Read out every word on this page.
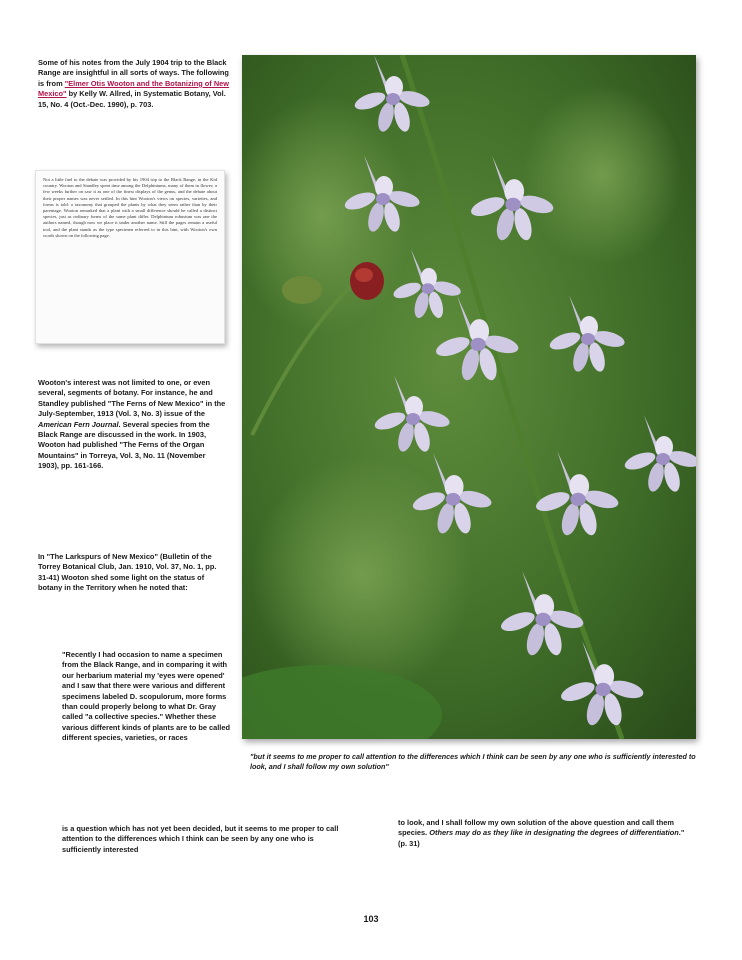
Some of his notes from the July 1904 trip to the Black Range are insightful in all sorts of ways. The following is from "Elmer Otis Wooton and the Botanizing of New Mexico" by Kelly W. Allred, in Systematic Botany, Vol. 15, No. 4 (Oct.-Dec. 1990), p. 703.

Not a little fuel to the debate was provided by his 1904 trip to the Black Range, in the Kid country. Wooton and Standley spent time among the Delphiniums, many of them in flower; a few weeks further on saw it as one of the finest displays of the genus, and the debate about their proper names was never settled. In this hint Wooton's views on species, varieties, and forms is told: a taxonomy that grouped the plants by what they seem rather than by their parentage. Wooton remarked that a plant with a small difference should be called a distinct species, just as ordinary forms of the same plant differ. Delphinium robustum was one the authors named, though now we place it under another name. Still the pages remain a useful tool, and the plant stands as the type specimen referred to in this hint, with Wooton's own words shown on the following page.

Wooton's interest was not limited to one, or even several, segments of botany. For instance, he and Standley published "The Ferns of New Mexico" in the July-September, 1913 (Vol. 3, No. 3) issue of the American Fern Journal. Several species from the Black Range are discussed in the work. In 1903, Wooton had published "The Ferns of the Organ Mountains" in Torreya, Vol. 3, No. 11 (November 1903), pp. 161-166.

In "The Larkspurs of New Mexico" (Bulletin of the Torrey Botanical Club, Jan. 1910, Vol. 37, No. 1, pp. 31-41) Wooton shed some light on the status of botany in the Territory when he noted that:

"Recently I had occasion to name a specimen from the Black Range, and in comparing it with our herbarium material my 'eyes were opened' and I saw that there were various and different specimens labeled D. scopulorum, more forms than could properly belong to what Dr. Gray called "a collective species." Whether these various different kinds of plants are to be called different species, varieties, or races

is a question which has not yet been decided, but it seems to me proper to call attention to the differences which I think can be seen by any one who is sufficiently interested

to look, and I shall follow my own solution of the above question and call them species. Others may do as they like in designating the degrees of differentiation." (p. 31)

"but it seems to me proper to call attention to the differences which I think can be seen by any one who is sufficiently interested to look, and I shall follow my own solution"

103
